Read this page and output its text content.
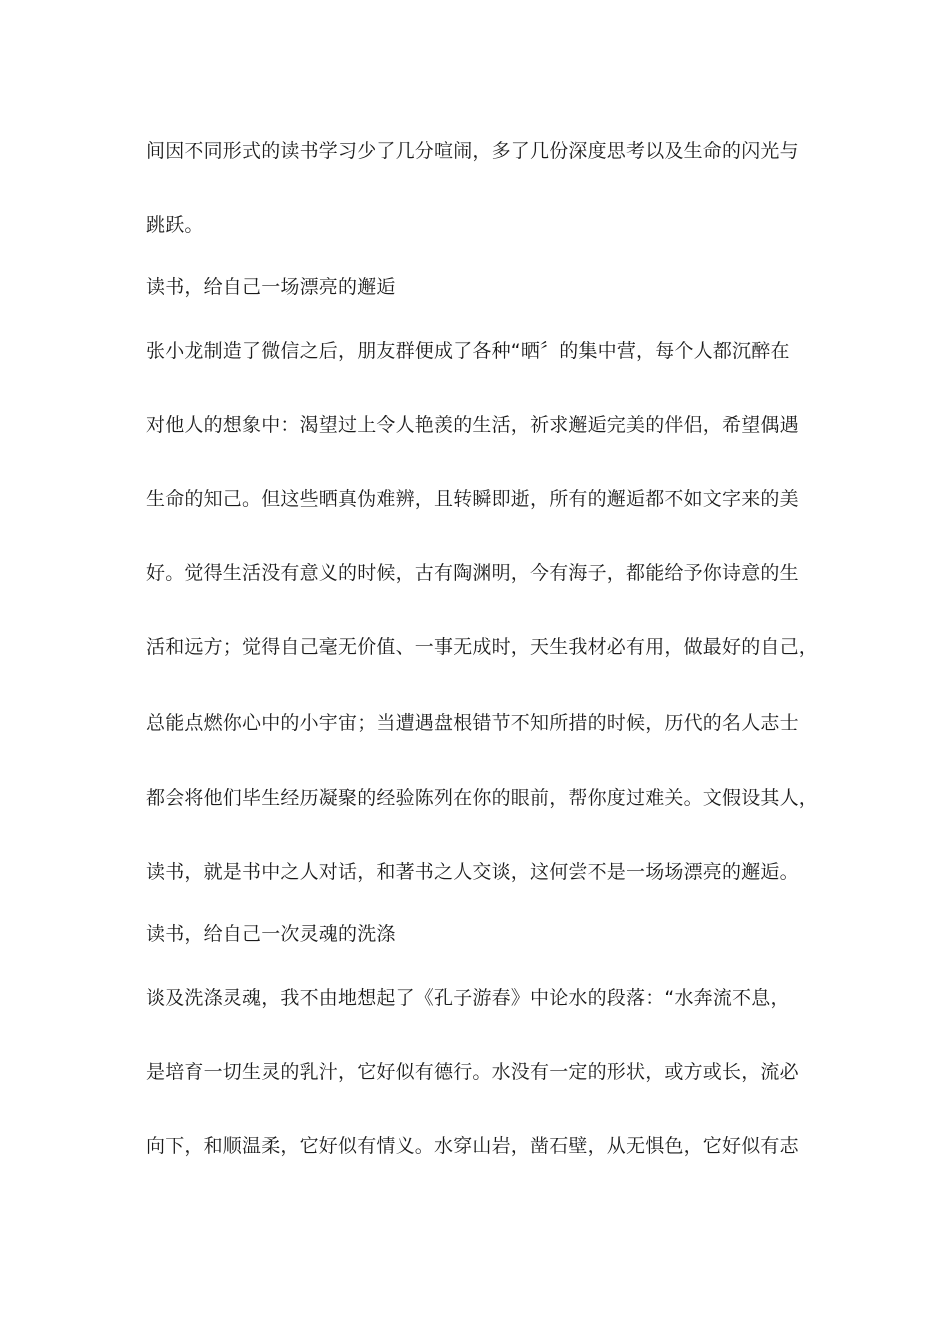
间因不同形式的读书学习少了几分喧闹，多了几份深度思考以及生命的闪光与
跳跃。
读书，给自己一场漂亮的邂逅
张小龙制造了微信之后，朋友群便成了各种“晒〞的集中营，每个人都沉醉在
对他人的想象中：渴望过上令人艳羡的生活，祈求邂逅完美的伴侣，希望偶遇
生命的知己。但这些晒真伪难辨，且转瞬即逝，所有的邂逅都不如文字来的美
好。觉得生活没有意义的时候，古有陶渊明，今有海子，都能给予你诗意的生
活和远方；觉得自己毫无价值、一事无成时，天生我材必有用，做最好的自己，
总能点燃你心中的小宇宙；当遭遇盘根错节不知所措的时候，历代的名人志士
都会将他们毕生经历凝聚的经验陈列在你的眼前，帮你度过难关。文假设其人，
读书，就是书中之人对话，和著书之人交谈，这何尝不是一场场漂亮的邂逅。
读书，给自己一次灵魂的洗涤
谈及洗涤灵魂，我不由地想起了《孔子游春》中论水的段落：“水奔流不息，
是培育一切生灵的乳汁，它好似有德行。水没有一定的形状，或方或长，流必
向下，和顺温柔，它好似有情义。水穿山岩，凿石壁，从无惧色，它好似有志
